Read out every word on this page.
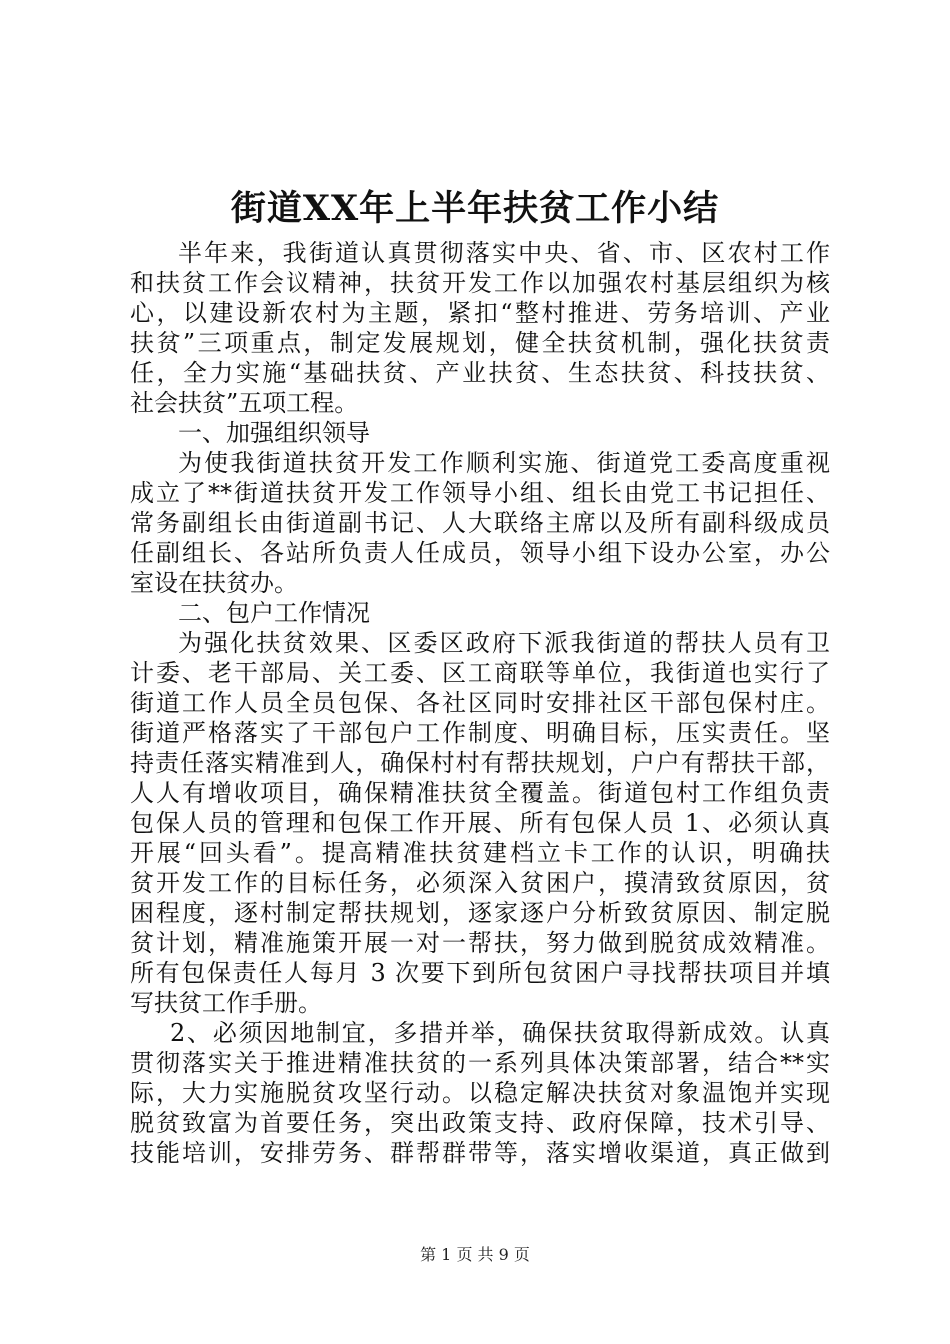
街道XX年上半年扶贫工作小结
半年来，我街道认真贯彻落实中央、省、市、区农村工作
和扶贫工作会议精神，扶贫开发工作以加强农村基层组织为核
心，以建设新农村为主题，紧扣“整村推进、劳务培训、产业
扶贫”三项重点，制定发展规划，健全扶贫机制，强化扶贫责
任，全力实施“基础扶贫、产业扶贫、生态扶贫、科技扶贫、
社会扶贫”五项工程。
一、加强组织领导
为使我街道扶贫开发工作顺利实施、街道党工委高度重视
成立了**街道扶贫开发工作领导小组、组长由党工书记担任、
常务副组长由街道副书记、人大联络主席以及所有副科级成员
任副组长、各站所负责人任成员，领导小组下设办公室，办公
室设在扶贫办。
二、包户工作情况
为强化扶贫效果、区委区政府下派我街道的帮扶人员有卫
计委、老干部局、关工委、区工商联等单位，我街道也实行了
街道工作人员全员包保、各社区同时安排社区干部包保村庄。
街道严格落实了干部包户工作制度、明确目标，压实责任。坚
持责任落实精准到人，确保村村有帮扶规划，户户有帮扶干部，
人人有增收项目，确保精准扶贫全覆盖。街道包村工作组负责
包保人员的管理和包保工作开展、所有包保人员 1、必须认真
开展“回头看”。提高精准扶贫建档立卡工作的认识，明确扶
贫开发工作的目标任务，必须深入贫困户，摸清致贫原因，贫
困程度，逐村制定帮扶规划，逐家逐户分析致贫原因、制定脱
贫计划，精准施策开展一对一帮扶，努力做到脱贫成效精准。
所有包保责任人每月 3 次要下到所包贫困户寻找帮扶项目并填
写扶贫工作手册。
2、必须因地制宜，多措并举，确保扶贫取得新成效。认真
贯彻落实关于推进精准扶贫的一系列具体决策部署，结合**实
际，大力实施脱贫攻坚行动。以稳定解决扶贫对象温饱并实现
脱贫致富为首要任务，突出政策支持、政府保障，技术引导、
技能培训，安排劳务、群帮群带等，落实增收渠道，真正做到
第 1 页 共 9 页
